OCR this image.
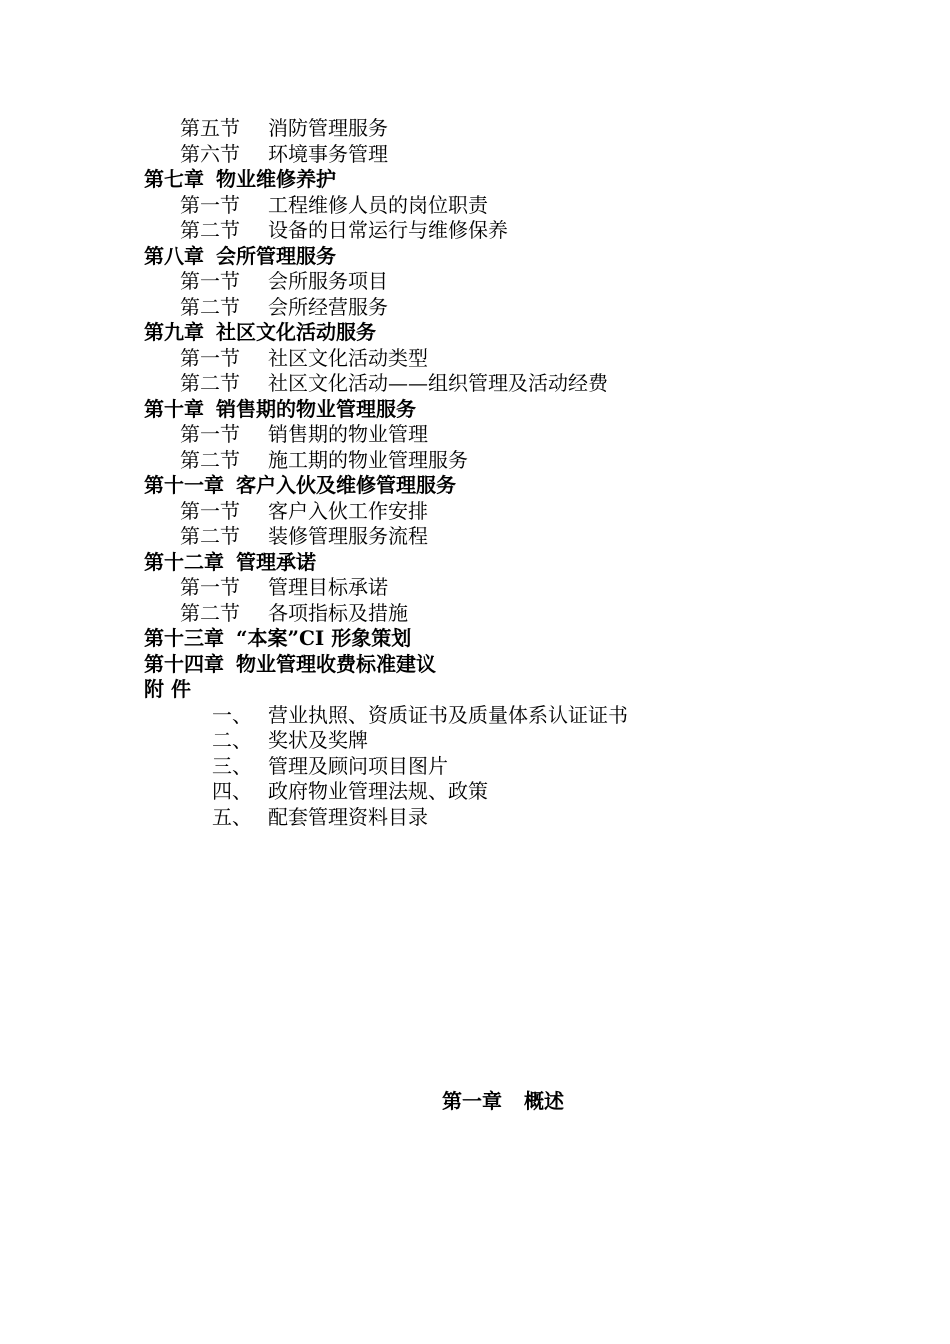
第五节 消防管理服务
第六节 环境事务管理
第七章 物业维修养护
第一节 工程维修人员的岗位职责
第二节 设备的日常运行与维修保养
第八章 会所管理服务
第一节 会所服务项目
第二节 会所经营服务
第九章 社区文化活动服务
第一节 社区文化活动类型
第二节 社区文化活动——组织管理及活动经费
第十章 销售期的物业管理服务
第一节 销售期的物业管理
第二节 施工期的物业管理服务
第十一章 客户入伙及维修管理服务
第一节 客户入伙工作安排
第二节 装修管理服务流程
第十二章 管理承诺
第一节 管理目标承诺
第二节 各项指标及措施
第十三章 “本案”CI 形象策划
第十四章 物业管理收费标准建议
附 件
一、 营业执照、资质证书及质量体系认证证书
二、 奖状及奖牌
三、 管理及顾问项目图片
四、 政府物业管理法规、政策
五、 配套管理资料目录
第一章 概述
